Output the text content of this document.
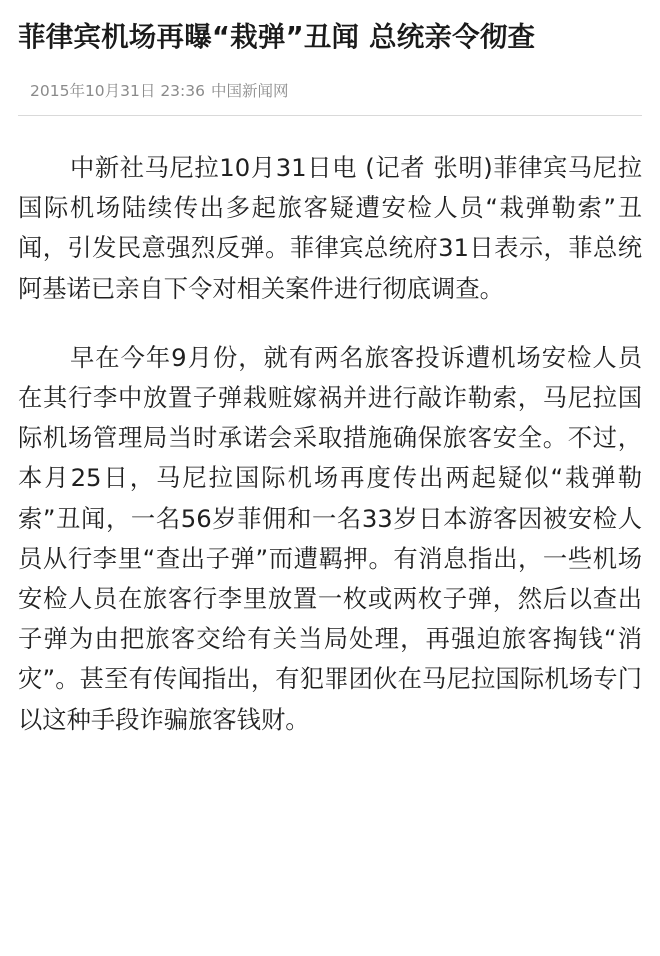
菲律宾机场再曝“栽弹”丑闻 总统亲令彻查
2015年10月31日 23:36 中国新闻网

中新社马尼拉10月31日电 (记者 张明)菲律宾马尼拉国际机场陆续传出多起旅客疑遭安检人员“栽弹勒索”丑闻，引发民意强烈反弹。菲律宾总统府31日表示，菲总统阿基诺已亲自下令对相关案件进行彻底调查。

早在今年9月份，就有两名旅客投诉遭机场安检人员在其行李中放置子弹栽赃嫁祸并进行敲诈勒索，马尼拉国际机场管理局当时承诺会采取措施确保旅客安全。不过，本月25日，马尼拉国际机场再度传出两起疑似“栽弹勒索”丑闻，一名56岁菲佣和一名33岁日本游客因被安检人员从行李里“查出子弹”而遭羁押。有消息指出，一些机场安检人员在旅客行李里放置一枚或两枚子弹，然后以查出子弹为由把旅客交给有关当局处理，再强迫旅客掏钱“消灾”。甚至有传闻指出，有犯罪团伙在马尼拉国际机场专门以这种手段诈骗旅客钱财。
